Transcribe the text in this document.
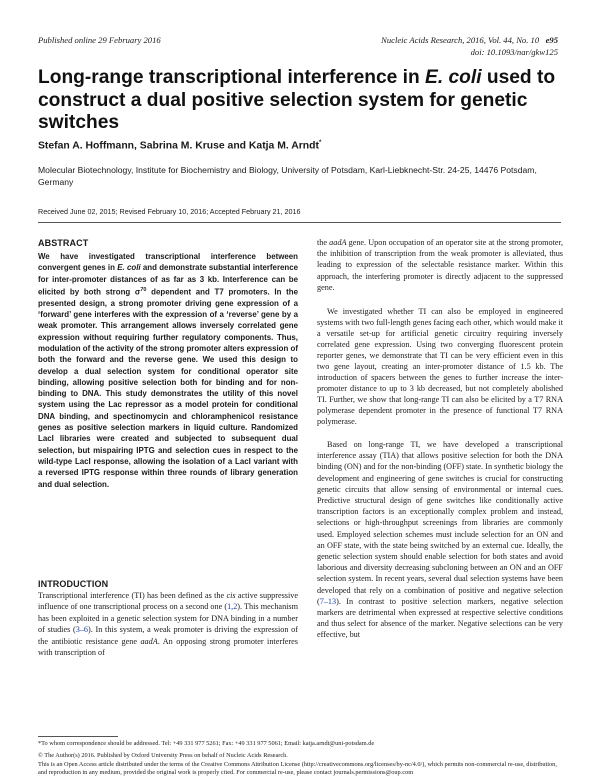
Published online 29 February 2016	Nucleic Acids Research, 2016, Vol. 44, No. 10 e95
doi: 10.1093/nar/gkw125
Long-range transcriptional interference in E. coli used to construct a dual positive selection system for genetic switches
Stefan A. Hoffmann, Sabrina M. Kruse and Katja M. Arndt*
Molecular Biotechnology, Institute for Biochemistry and Biology, University of Potsdam, Karl-Liebknecht-Str. 24-25, 14476 Potsdam, Germany
Received June 02, 2015; Revised February 10, 2016; Accepted February 21, 2016
ABSTRACT
We have investigated transcriptional interference between convergent genes in E. coli and demonstrate substantial interference for inter-promoter distances of as far as 3 kb. Interference can be elicited by both strong $\sigma^{70}$ dependent and T7 promoters. In the presented design, a strong promoter driving gene expression of a ‘forward’ gene interferes with the expression of a ‘reverse’ gene by a weak promoter. This arrangement allows inversely correlated gene expression without requiring further regulatory components. Thus, modulation of the activity of the strong promoter alters expression of both the forward and the reverse gene. We used this design to develop a dual selection system for conditional operator site binding, allowing positive selection both for binding and for non-binding to DNA. This study demonstrates the utility of this novel system using the Lac repressor as a model protein for conditional DNA binding, and spectinomycin and chloramphenicol resistance genes as positive selection markers in liquid culture. Randomized LacI libraries were created and subjected to subsequent dual selection, but mispairing IPTG and selection cues in respect to the wild-type LacI response, allowing the isolation of a LacI variant with a reversed IPTG response within three rounds of library generation and dual selection.
INTRODUCTION
Transcriptional interference (TI) has been defined as the cis active suppressive influence of one transcriptional process on a second one (1,2). This mechanism has been exploited in a genetic selection system for DNA binding in a number of studies (3–6). In this system, a weak promoter is driving the expression of the antibiotic resistance gene aadA. An opposing strong promoter interferes with transcription of
the aadA gene. Upon occupation of an operator site at the strong promoter, the inhibition of transcription from the weak promoter is alleviated, thus leading to expression of the selectable resistance marker. Within this approach, the interfering promoter is directly adjacent to the suppressed gene.
We investigated whether TI can also be employed in engineered systems with two full-length genes facing each other, which would make it a versatile set-up for artificial genetic circuitry requiring inversely correlated gene expression. Using two converging fluorescent protein reporter genes, we demonstrate that TI can be very efficient even in this two gene layout, creating an inter-promoter distance of 1.5 kb. The introduction of spacers between the genes to further increase the inter-promoter distance to up to 3 kb decreased, but not completely abolished TI. Further, we show that long-range TI can also be elicited by a T7 RNA polymerase dependent promoter in the presence of functional T7 RNA polymerase.
Based on long-range TI, we have developed a transcriptional interference assay (TIA) that allows positive selection for both the DNA binding (ON) and for the non-binding (OFF) state. In synthetic biology the development and engineering of gene switches is crucial for constructing genetic circuits that allow sensing of environmental or internal cues. Predictive structural design of gene switches like conditionally active transcription factors is an exceptionally complex problem and instead, selections or high-throughput screenings from libraries are commonly used. Employed selection schemes must include selection for an ON and an OFF state, with the state being switched by an external cue. Ideally, the genetic selection system should enable selection for both states and avoid laborious and diversity decreasing subcloning between an ON and an OFF selection system. In recent years, several dual selection systems have been developed that rely on a combination of positive and negative selection (7–13). In contrast to positive selection markers, negative selection markers are detrimental when expressed at respective selective conditions and thus select for absence of the marker. Negative selections can be very effective, but
*To whom correspondence should be addressed. Tel: +49 331 977 5261; Fax: +49 331 977 5061; Email: katja.arndt@uni-potsdam.de

© The Author(s) 2016. Published by Oxford University Press on behalf of Nucleic Acids Research.

This is an Open Access article distributed under the terms of the Creative Commons Attribution License (http://creativecommons.org/licenses/by-nc/4.0/), which permits non-commercial re-use, distribution, and reproduction in any medium, provided the original work is properly cited. For commercial re-use, please contact journals.permissions@oup.com
